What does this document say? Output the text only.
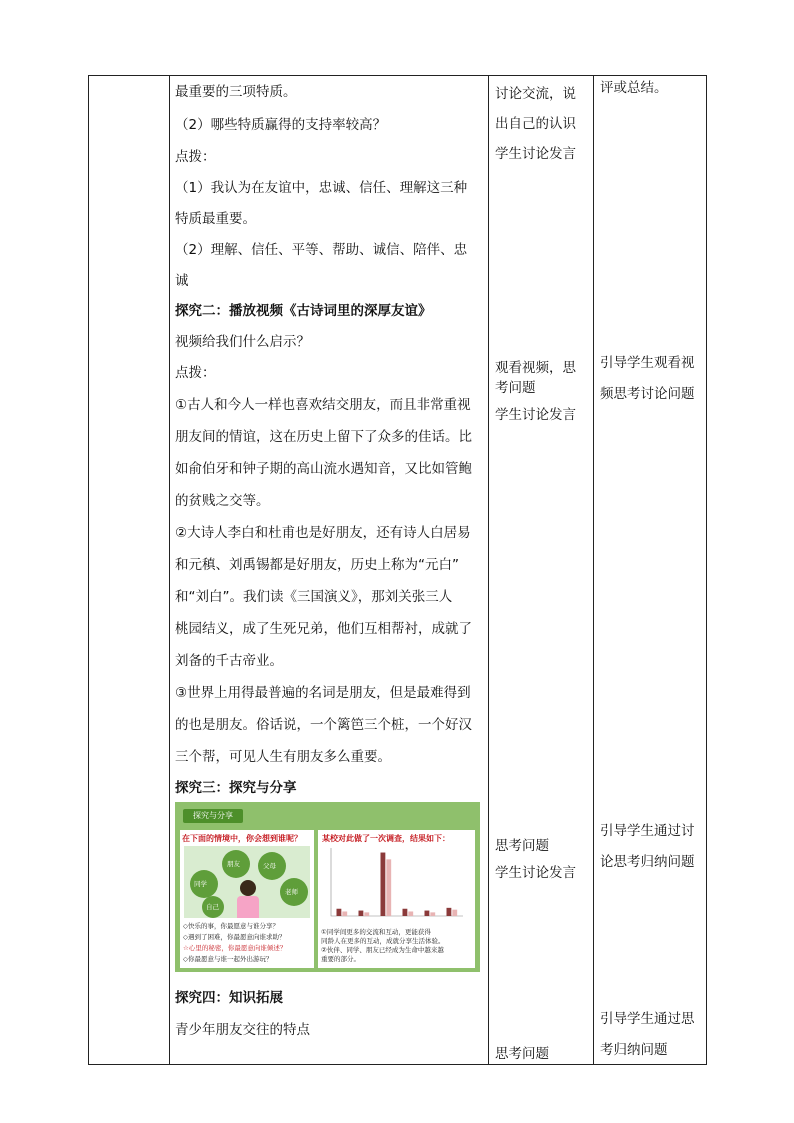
最重要的三项特质。
（2）哪些特质赢得的支持率较高？
点拨：
（1）我认为在友谊中，忠诚、信任、理解这三种
特质最重要。
（2）理解、信任、平等、帮助、诚信、陪伴、忠
诚
探究二：播放视频《古诗词里的深厚友谊》
视频给我们什么启示？
点拨：
①古人和今人一样也喜欢结交朋友，而且非常重视
朋友间的情谊，这在历史上留下了众多的佳话。比
如俞伯牙和钟子期的高山流水遇知音，又比如管鲍
的贫贱之交等。
②大诗人李白和杜甫也是好朋友，还有诗人白居易
和元稹、刘禹锡都是好朋友，历史上称为“元白”
和“刘白”。我们读《三国演义》，那刘关张三人
桃园结义，成了生死兄弟，他们互相帮衬，成就了
刘备的千古帝业。
③世界上用得最普遍的名词是朋友，但是最难得到
的也是朋友。俗话说，一个篱笆三个桩，一个好汉
三个帮，可见人生有朋友多么重要。
探究三：探究与分享
探究与分享
在下面的情境中，你会想到谁呢？
同学
朋友	父母
老师
自己
◇快乐的事，你最愿意与谁分享？
◇遇到了困难，你最愿意向谁求助？
☆心里的秘密，你最愿意向谁倾述？
◇你最愿意与谁一起外出游玩？
某校对此做了一次调查，结果如下：
①同学间更多的交流和互动，更能获得
同龄人在更多的互动，成就分享生活体验。
②伙伴、同学、朋友已经成为生命中越来越
重要的部分。
探究四：知识拓展
青少年朋友交往的特点
讨论交流，说
出自己的认识
学生讨论发言
观看视频，思
考问题
学生讨论发言
思考问题
学生讨论发言
思考问题
评或总结。
引导学生观看视
频思考讨论问题
引导学生通过讨
论思考归纳问题
引导学生通过思
考归纳问题
